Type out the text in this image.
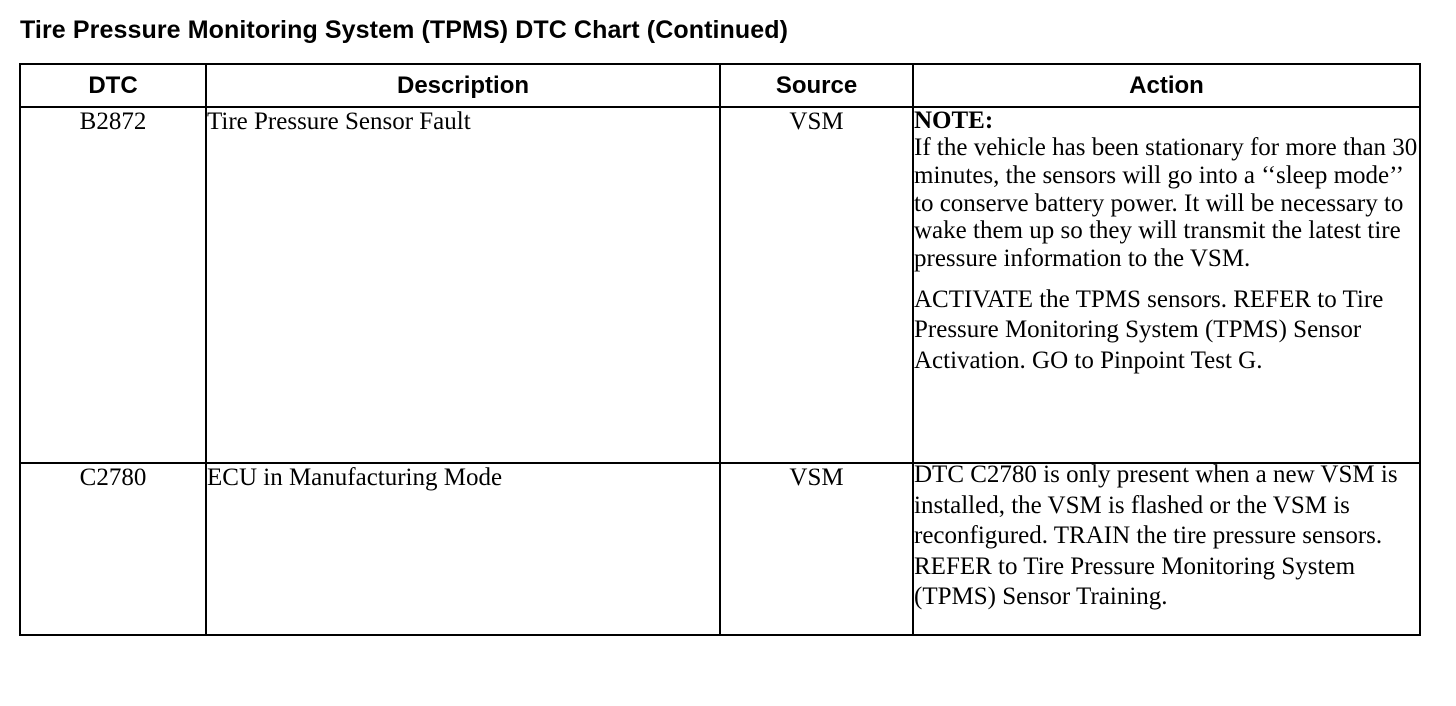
Tire Pressure Monitoring System (TPMS) DTC Chart (Continued)
DTC	Description	Source	Action
B2872	Tire Pressure Sensor Fault	VSM	NOTE:
If the vehicle has been stationary for more than 30 minutes, the sensors will go into a ‘‘sleep mode’’ to conserve battery power. It will be necessary to wake them up so they will transmit the latest tire pressure information to the VSM.
ACTIVATE the TPMS sensors. REFER to Tire Pressure Monitoring System (TPMS) Sensor Activation. GO to Pinpoint Test G.

C2780	ECU in Manufacturing Mode	VSM	DTC C2780 is only present when a new VSM is installed, the VSM is flashed or the VSM is reconfigured. TRAIN the tire pressure sensors. REFER to Tire Pressure Monitoring System (TPMS) Sensor Training.
